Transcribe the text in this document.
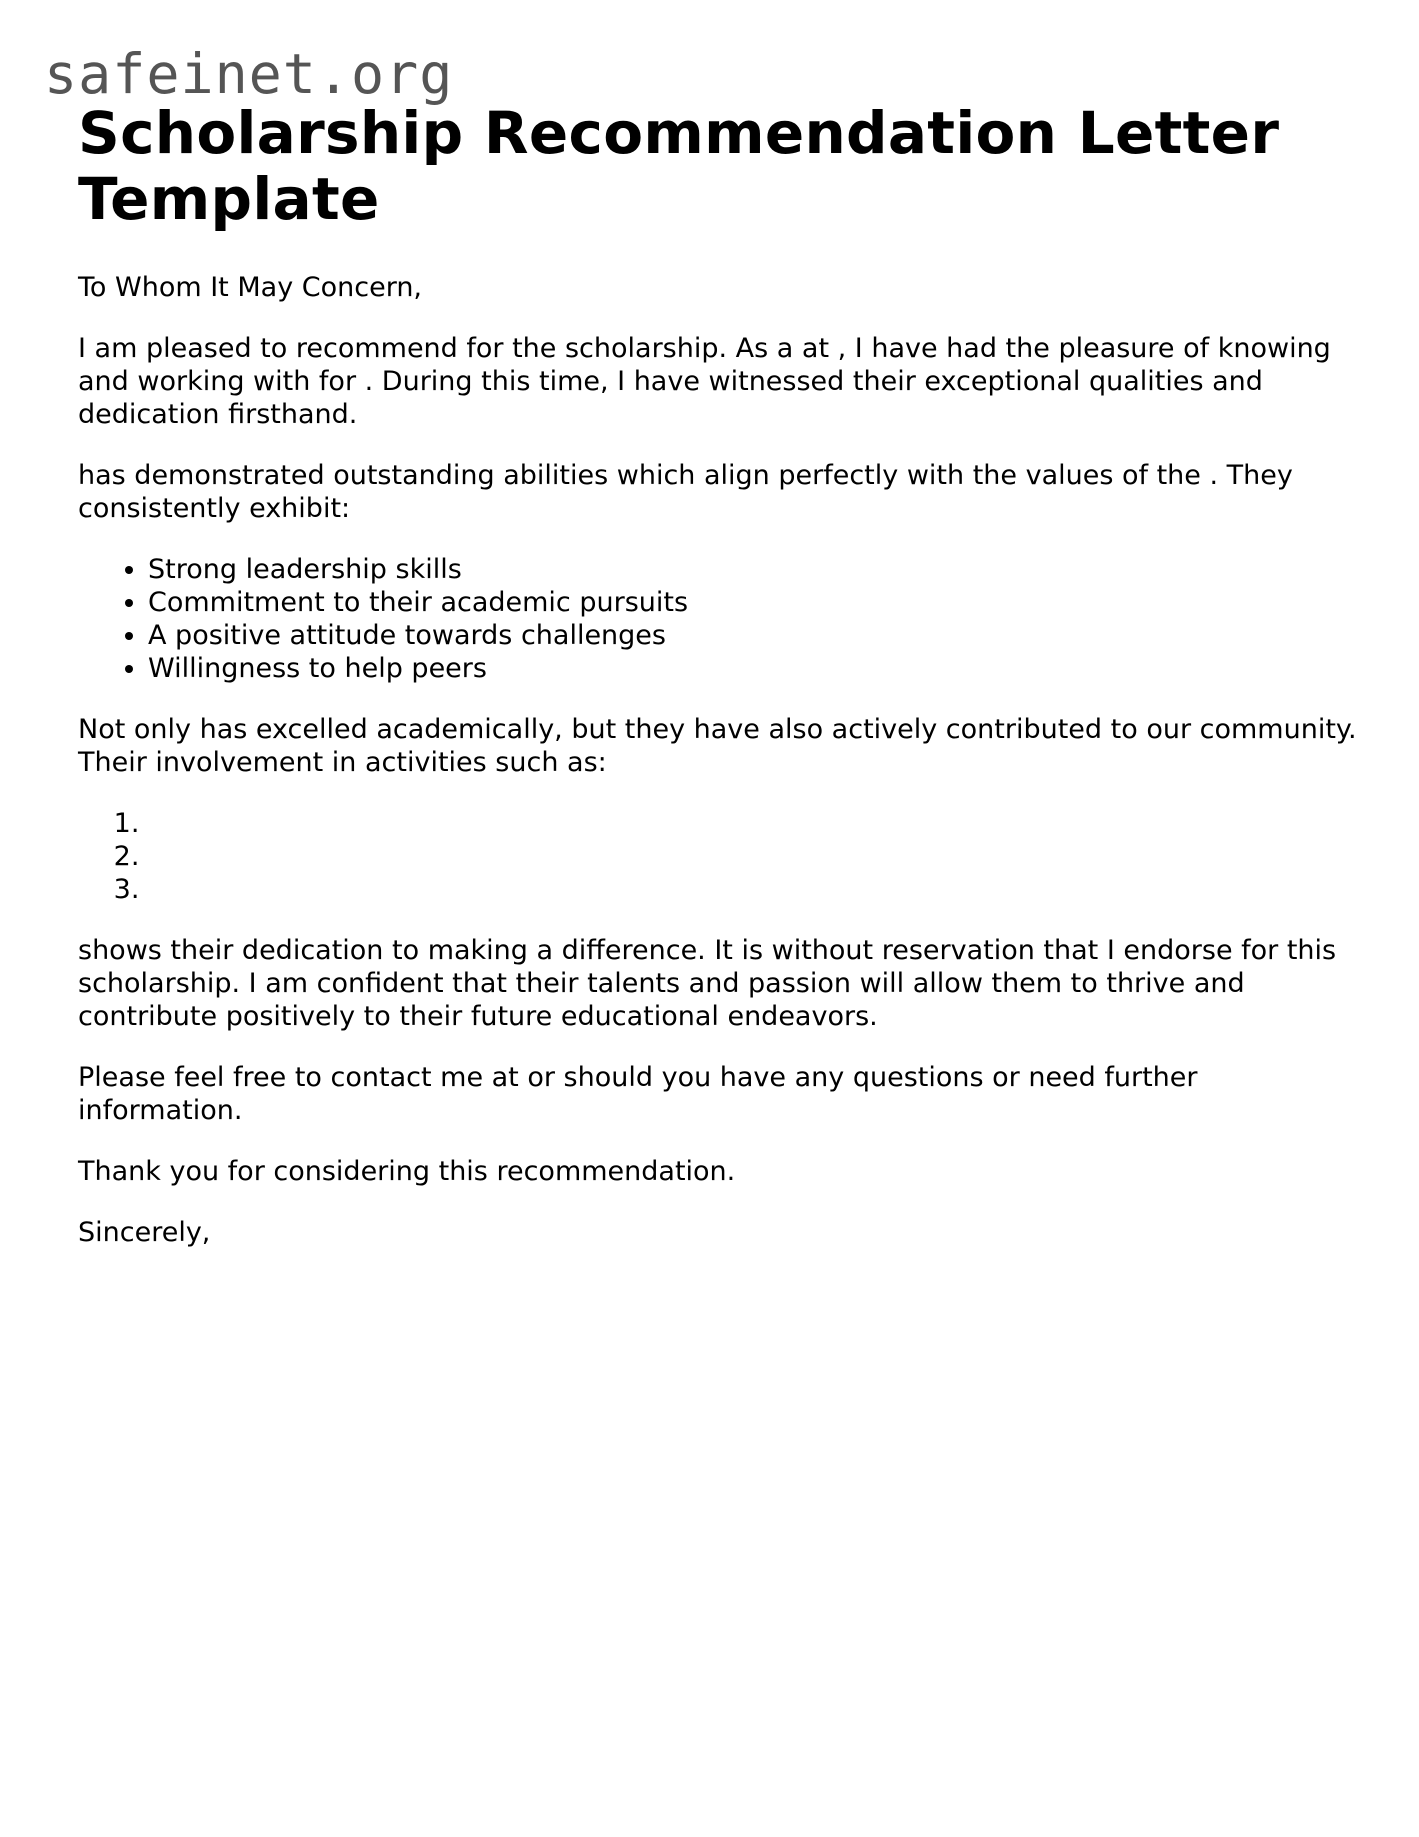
safeinet.org
Scholarship Recommendation Letter Template

To Whom It May Concern,

I am pleased to recommend for the scholarship. As a at , I have had the pleasure of knowing and working with for . During this time, I have witnessed their exceptional qualities and dedication firsthand.

has demonstrated outstanding abilities which align perfectly with the values of the . They consistently exhibit:

• Strong leadership skills
• Commitment to their academic pursuits
• A positive attitude towards challenges
• Willingness to help peers

Not only has excelled academically, but they have also actively contributed to our community. Their involvement in activities such as:

1.
2.
3.

shows their dedication to making a difference. It is without reservation that I endorse for this scholarship. I am confident that their talents and passion will allow them to thrive and contribute positively to their future educational endeavors.

Please feel free to contact me at or should you have any questions or need further information.

Thank you for considering this recommendation.

Sincerely,
